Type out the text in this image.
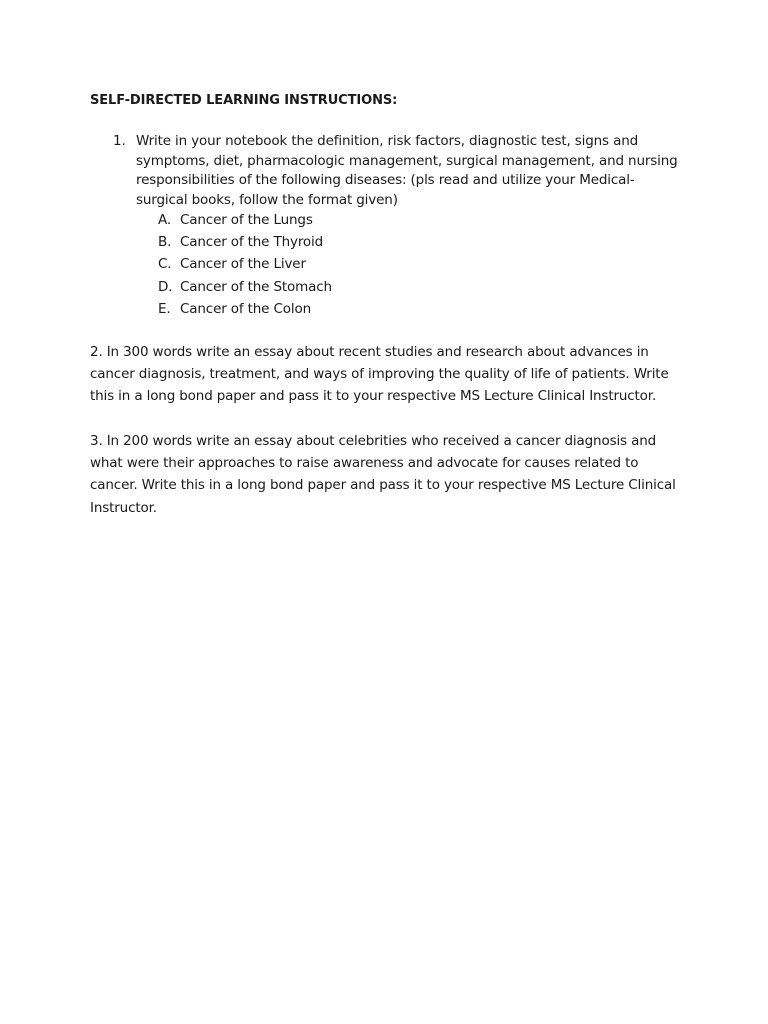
SELF-DIRECTED LEARNING INSTRUCTIONS:
1. Write in your notebook the definition, risk factors, diagnostic test, signs and symptoms, diet, pharmacologic management, surgical management, and nursing responsibilities of the following diseases: (pls read and utilize your Medical-surgical books, follow the format given)
A. Cancer of the Lungs
B. Cancer of the Thyroid
C. Cancer of the Liver
D. Cancer of the Stomach
E. Cancer of the Colon
2. In 300 words write an essay about recent studies and research about advances in cancer diagnosis, treatment, and ways of improving the quality of life of patients. Write this in a long bond paper and pass it to your respective MS Lecture Clinical Instructor.
3. In 200 words write an essay about celebrities who received a cancer diagnosis and what were their approaches to raise awareness and advocate for causes related to cancer. Write this in a long bond paper and pass it to your respective MS Lecture Clinical Instructor.
